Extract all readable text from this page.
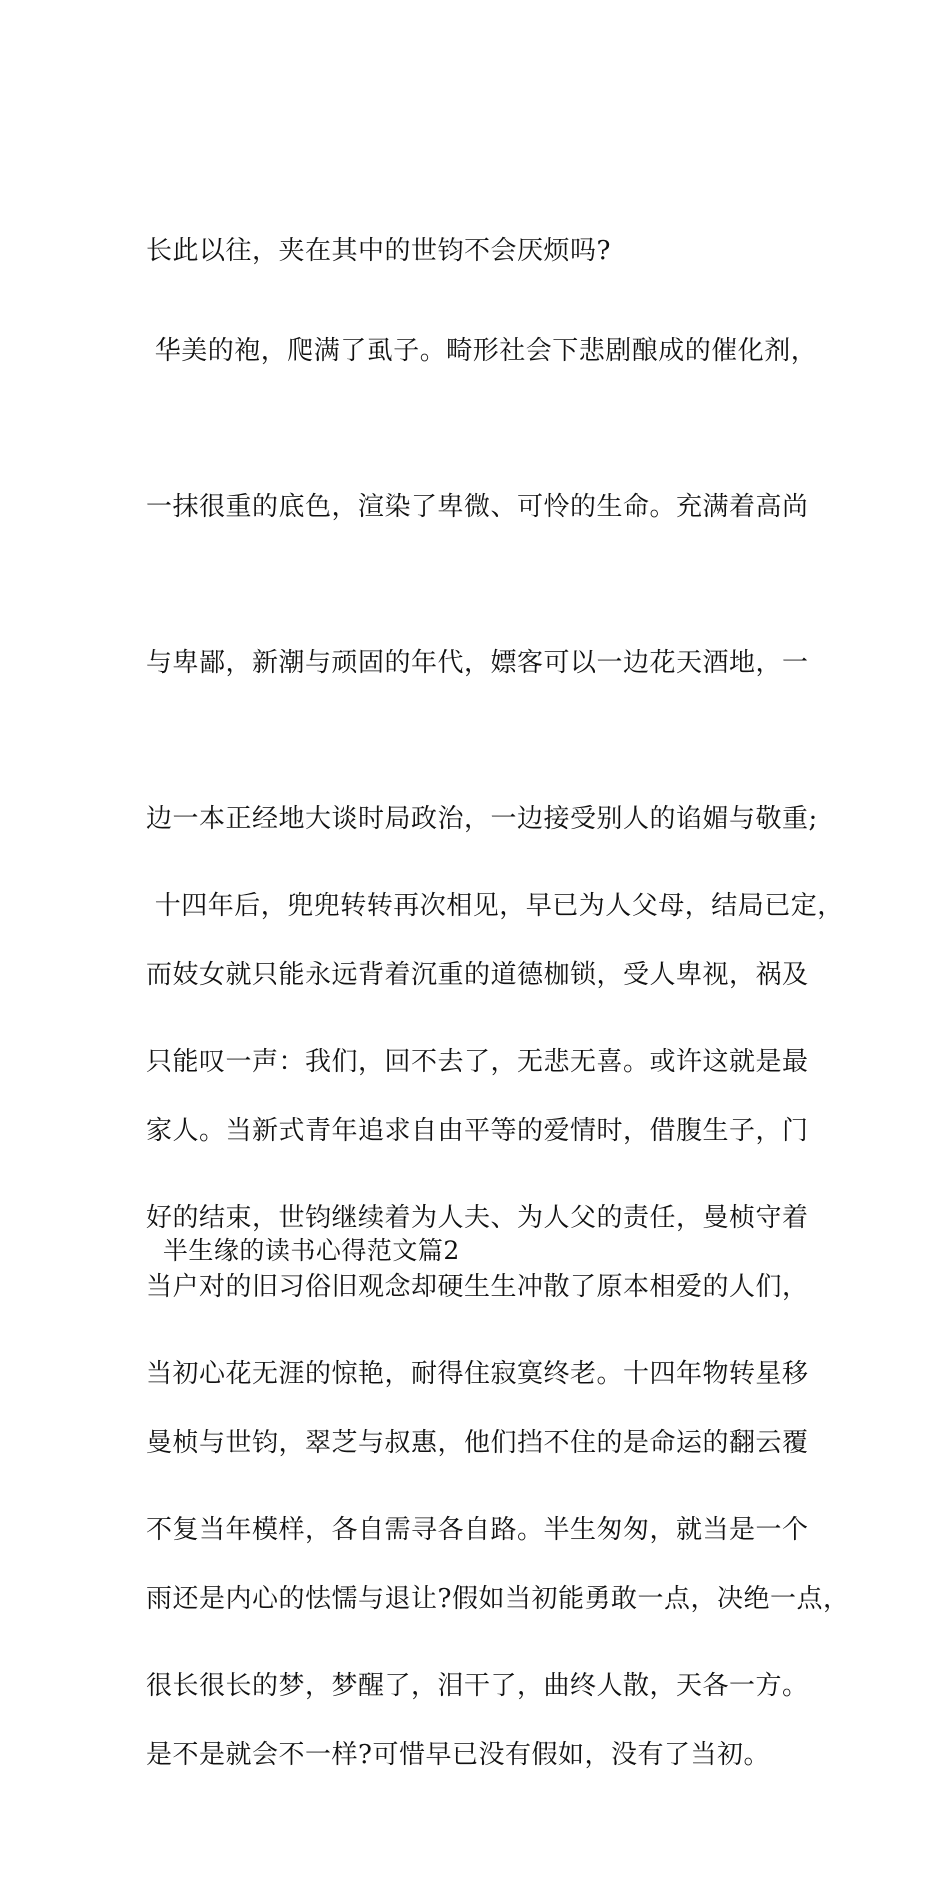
长此以往，夹在其中的世钧不会厌烦吗?

华美的袍，爬满了虱子。畸形社会下悲剧酿成的催化剂，

一抹很重的底色，渲染了卑微、可怜的生命。充满着高尚

与卑鄙，新潮与顽固的年代，嫖客可以一边花天酒地，一

边一本正经地大谈时局政治，一边接受别人的谄媚与敬重;

而妓女就只能永远背着沉重的道德枷锁，受人卑视，祸及

家人。当新式青年追求自由平等的爱情时，借腹生子，门

当户对的旧习俗旧观念却硬生生冲散了原本相爱的人们，

曼桢与世钧，翠芝与叔惠，他们挡不住的是命运的翻云覆

雨还是内心的怯懦与退让?假如当初能勇敢一点，决绝一点，

是不是就会不一样?可惜早已没有假如，没有了当初。

十四年后，兜兜转转再次相见，早已为人父母，结局已定，

只能叹一声：我们，回不去了，无悲无喜。或许这就是最

好的结束，世钧继续着为人夫、为人父的责任，曼桢守着

当初心花无涯的惊艳，耐得住寂寞终老。十四年物转星移

不复当年模样，各自需寻各自路。半生匆匆，就当是一个

很长很长的梦，梦醒了，泪干了，曲终人散，天各一方。

半生缘的读书心得范文篇2
